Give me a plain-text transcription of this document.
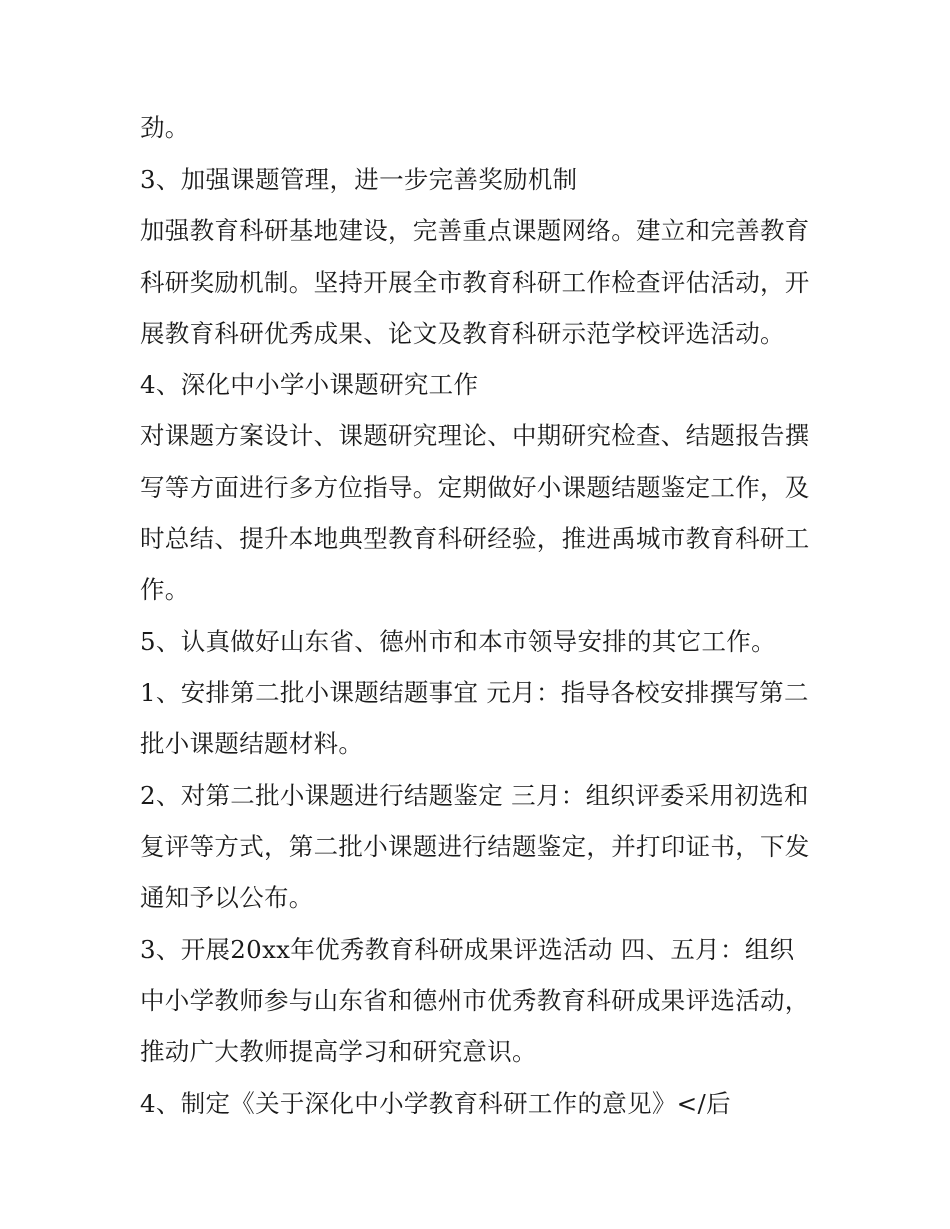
劲。
3、加强课题管理，进一步完善奖励机制
加强教育科研基地建设，完善重点课题网络。建立和完善教育
科研奖励机制。坚持开展全市教育科研工作检查评估活动，开
展教育科研优秀成果、论文及教育科研示范学校评选活动。
4、深化中小学小课题研究工作
对课题方案设计、课题研究理论、中期研究检查、结题报告撰
写等方面进行多方位指导。定期做好小课题结题鉴定工作，及
时总结、提升本地典型教育科研经验，推进禹城市教育科研工
作。
5、认真做好山东省、德州市和本市领导安排的其它工作。
1、安排第二批小课题结题事宜 元月：指导各校安排撰写第二
批小课题结题材料。
2、对第二批小课题进行结题鉴定 三月：组织评委采用初选和
复评等方式，第二批小课题进行结题鉴定，并打印证书，下发
通知予以公布。
3、开展20xx年优秀教育科研成果评选活动 四、五月：组织
中小学教师参与山东省和德州市优秀教育科研成果评选活动，
推动广大教师提高学习和研究意识。
4、制定《关于深化中小学教育科研工作的意见》</后
